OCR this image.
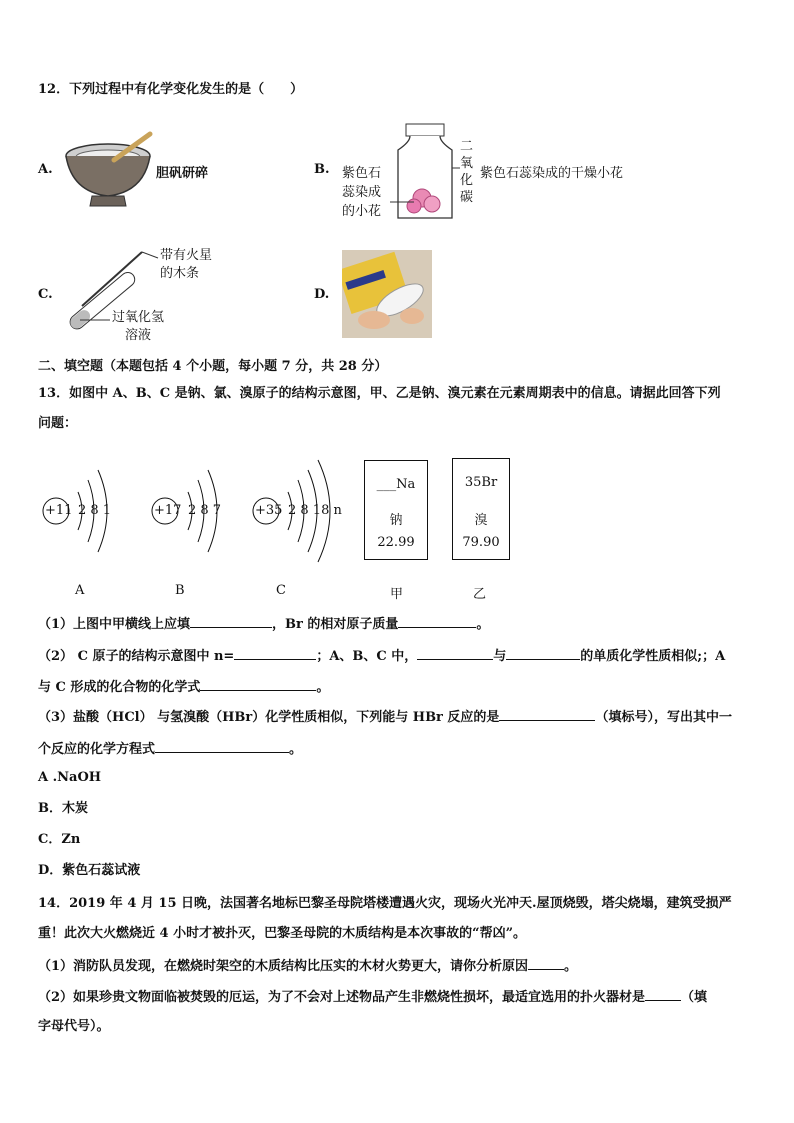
12．下列过程中有化学变化发生的是（　　）
A.	胆矾研碎	B. 紫色石
蕊染成
的小花
二
氧
化
碳
紫色石蕊染成的干燥小花
C.
带有火星
的木条
过氧化氢
溶液
D.
二、填空题（本题包括 4 个小题，每小题 7 分，共 28 分）
13．如图中 A、B、C 是钠、氯、溴原子的结构示意图，甲、乙是钠、溴元素在元素周期表中的信息。请据此回答下列
问题：
+11 2 8 1	+17 2 8 7	+35 2 8 18 n
___Na
钠
22.99
35Br
溴
79.90
A	B	C	甲	乙
（1）上图中甲横线上应填	，Br 的相对原子质量	。
（2） C 原子的结构示意图中 n=	；A、B、C 中，	与	的单质化学性质相似;；A
与 C 形成的化合物的化学式	。
（3）盐酸（HCl） 与氢溴酸（HBr）化学性质相似，下列能与 HBr 反应的是	（填标号），写出其中一
个反应的化学方程式	。
A .NaOH
B．木炭
C．Zn
D．紫色石蕊试液
14．2019 年 4 月 15 日晚，法国著名地标巴黎圣母院塔楼遭遇火灾，现场火光冲天.屋顶烧毁，塔尖烧塌，建筑受损严
重！此次大火燃烧近 4 小时才被扑灭，巴黎圣母院的木质结构是本次事故的“帮凶”。
（1）消防队员发现，在燃烧时架空的木质结构比压实的木材火势更大，请你分析原因	。
（2）如果珍贵文物面临被焚毁的厄运，为了不会对上述物品产生非燃烧性损坏，最适宜选用的扑火器材是	（填
字母代号）。
